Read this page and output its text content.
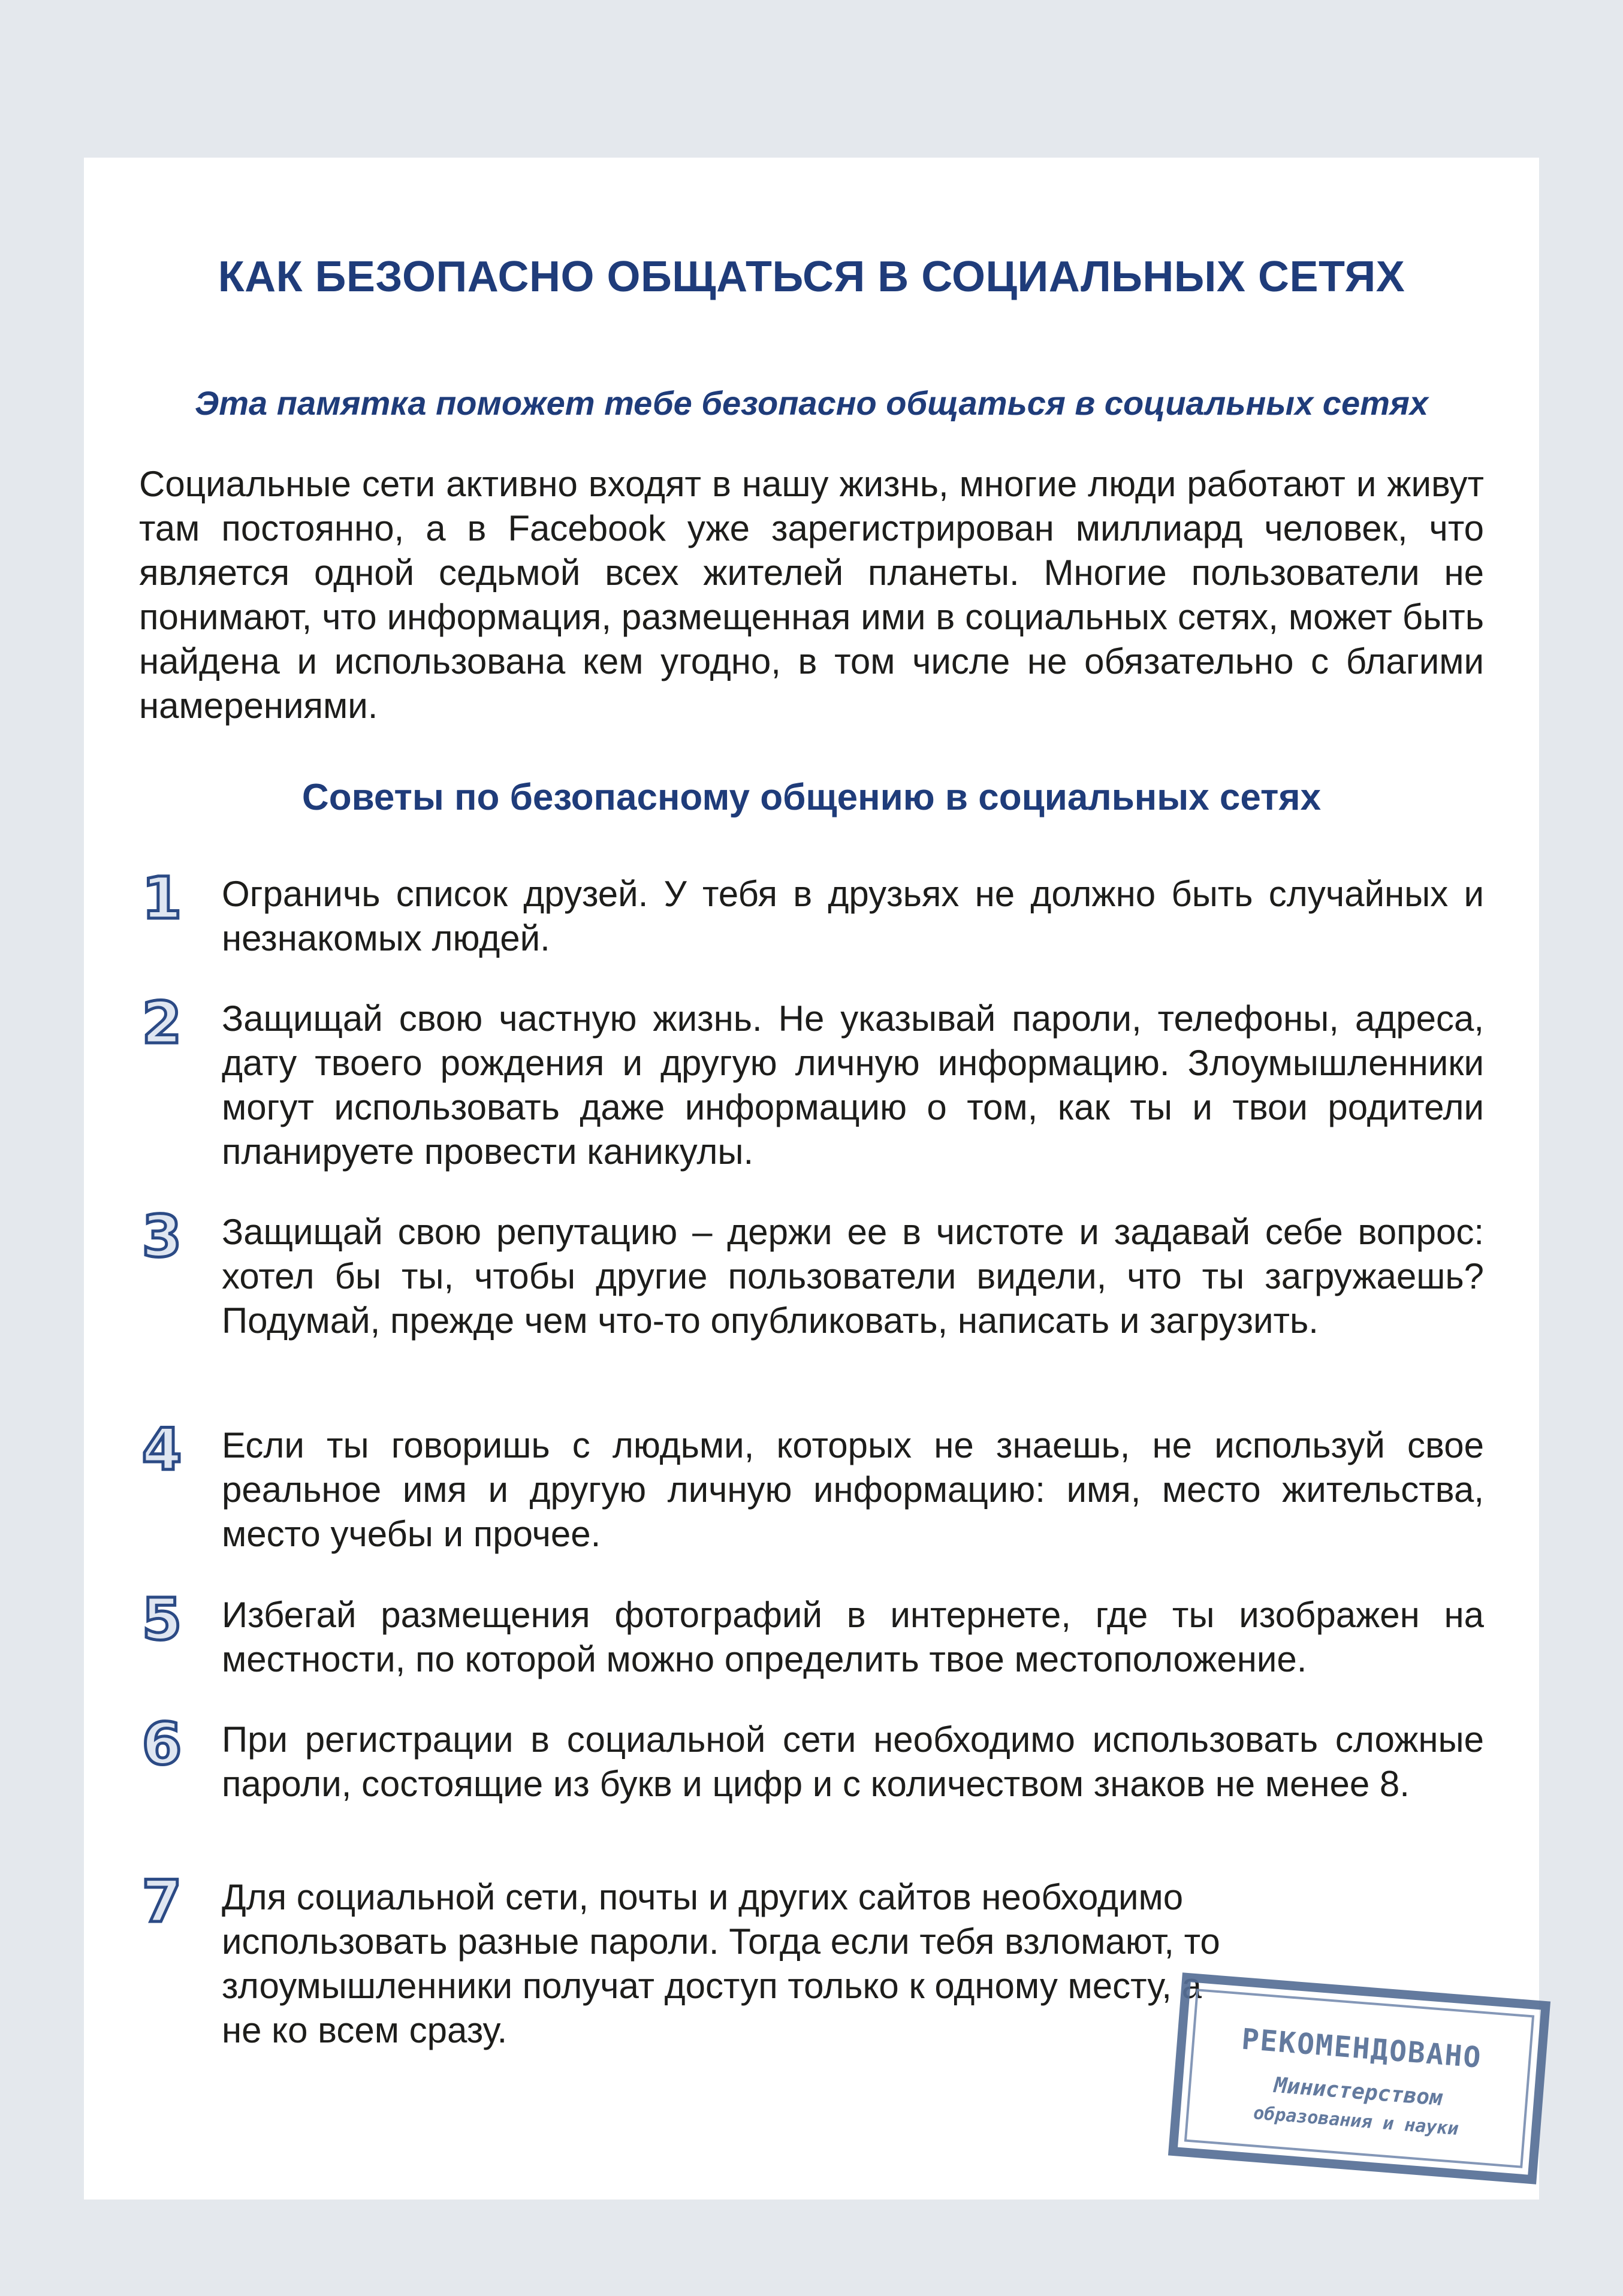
КАК БЕЗОПАСНО ОБЩАТЬСЯ В СОЦИАЛЬНЫХ СЕТЯХ
Эта памятка поможет тебе безопасно общаться в социальных сетях

Социальные сети активно входят в нашу жизнь, многие люди работают и живут там постоянно, а в Facebook уже зарегистрирован миллиард человек, что является одной седьмой всех жителей планеты. Многие пользователи не понимают, что информация, размещенная ими в социальных сетях, может быть найдена и использована кем угодно, в том числе не обязательно с благими намерениями.

Советы по безопасному общению в социальных сетях
1 Ограничь список друзей. У тебя в друзьях не должно быть случайных и незнакомых людей.

2 Защищай свою частную жизнь. Не указывай пароли, телефоны, адреса, дату твоего рождения и другую личную информацию. Злоумышленники могут использовать даже информацию о том, как ты и твои родители планируете провести каникулы.

3 Защищай свою репутацию – держи ее в чистоте и задавай себе вопрос: хотел бы ты, чтобы другие пользователи видели, что ты загружаешь? Подумай, прежде чем что-то опубликовать, написать и загрузить.

4 Если ты говоришь с людьми, которых не знаешь, не используй свое реальное имя и другую личную информацию: имя, место жительства, место учебы и прочее.

5 Избегай размещения фотографий в интернете, где ты изображен на местности, по которой можно определить твое местоположение.

6 При регистрации в социальной сети необходимо использовать сложные пароли, состоящие из букв и цифр и с количеством знаков не менее 8.

7 Для социальной сети, почты и других сайтов необходимо использовать разные пароли. Тогда если тебя взломают, то злоумышленники получат доступ только к одному месту, а не ко всем сразу.	РЕКОМЕНДОВАНО
Министерством
образования и науки
